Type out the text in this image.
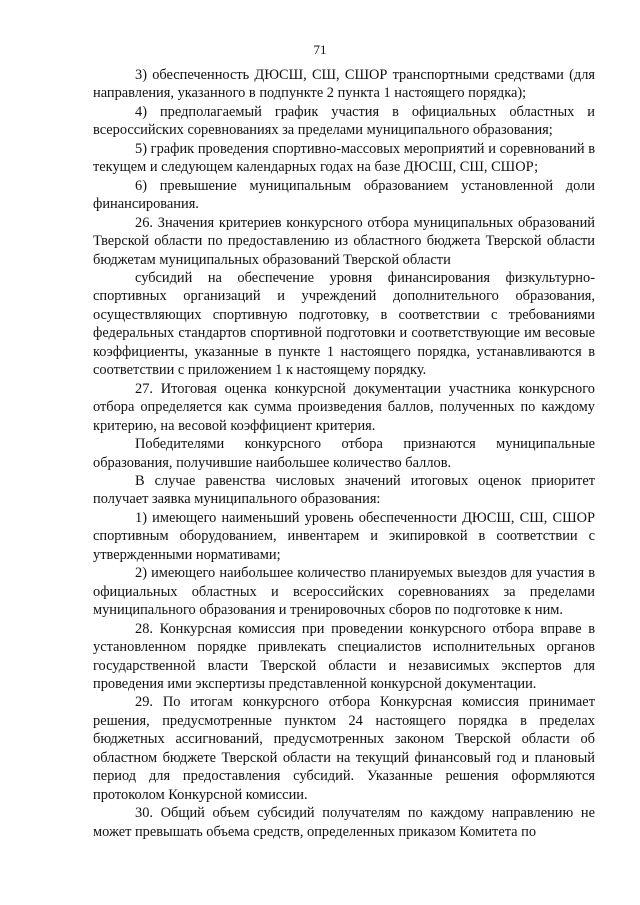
71

3) обеспеченность ДЮСШ, СШ, СШОР транспортными средствами (для направления, указанного в подпункте 2 пункта 1 настоящего порядка);

4) предполагаемый график участия в официальных областных и всероссийских соревнованиях за пределами муниципального образования;

5) график проведения спортивно-массовых мероприятий и соревнований в текущем и следующем календарных годах на базе ДЮСШ, СШ, СШОР;

6) превышение муниципальным образованием установленной доли финансирования.

26. Значения критериев конкурсного отбора муниципальных образований Тверской области по предоставлению из областного бюджета Тверской области бюджетам муниципальных образований Тверской области

субсидий на обеспечение уровня финансирования физкультурно-спортивных организаций и учреждений дополнительного образования, осуществляющих спортивную подготовку, в соответствии с требованиями федеральных стандартов спортивной подготовки и соответствующие им весовые коэффициенты, указанные в пункте 1 настоящего порядка, устанавливаются в соответствии с приложением 1 к настоящему порядку.

27. Итоговая оценка конкурсной документации участника конкурсного отбора определяется как сумма произведения баллов, полученных по каждому критерию, на весовой коэффициент критерия.

Победителями конкурсного отбора признаются муниципальные образования, получившие наибольшее количество баллов.

В случае равенства числовых значений итоговых оценок приоритет получает заявка муниципального образования:

1) имеющего наименьший уровень обеспеченности ДЮСШ, СШ, СШОР спортивным оборудованием, инвентарем и экипировкой в соответствии с утвержденными нормативами;

2) имеющего наибольшее количество планируемых выездов для участия в официальных областных и всероссийских соревнованиях за пределами муниципального образования и тренировочных сборов по подготовке к ним.

28. Конкурсная комиссия при проведении конкурсного отбора вправе в установленном порядке привлекать специалистов исполнительных органов государственной власти Тверской области и независимых экспертов для проведения ими экспертизы представленной конкурсной документации.

29. По итогам конкурсного отбора Конкурсная комиссия принимает решения, предусмотренные пунктом 24 настоящего порядка в пределах бюджетных ассигнований, предусмотренных законом Тверской области об областном бюджете Тверской области на текущий финансовый год и плановый период для предоставления субсидий. Указанные решения оформляются протоколом Конкурсной комиссии.

30. Общий объем субсидий получателям по каждому направлению не может превышать объема средств, определенных приказом Комитета по
